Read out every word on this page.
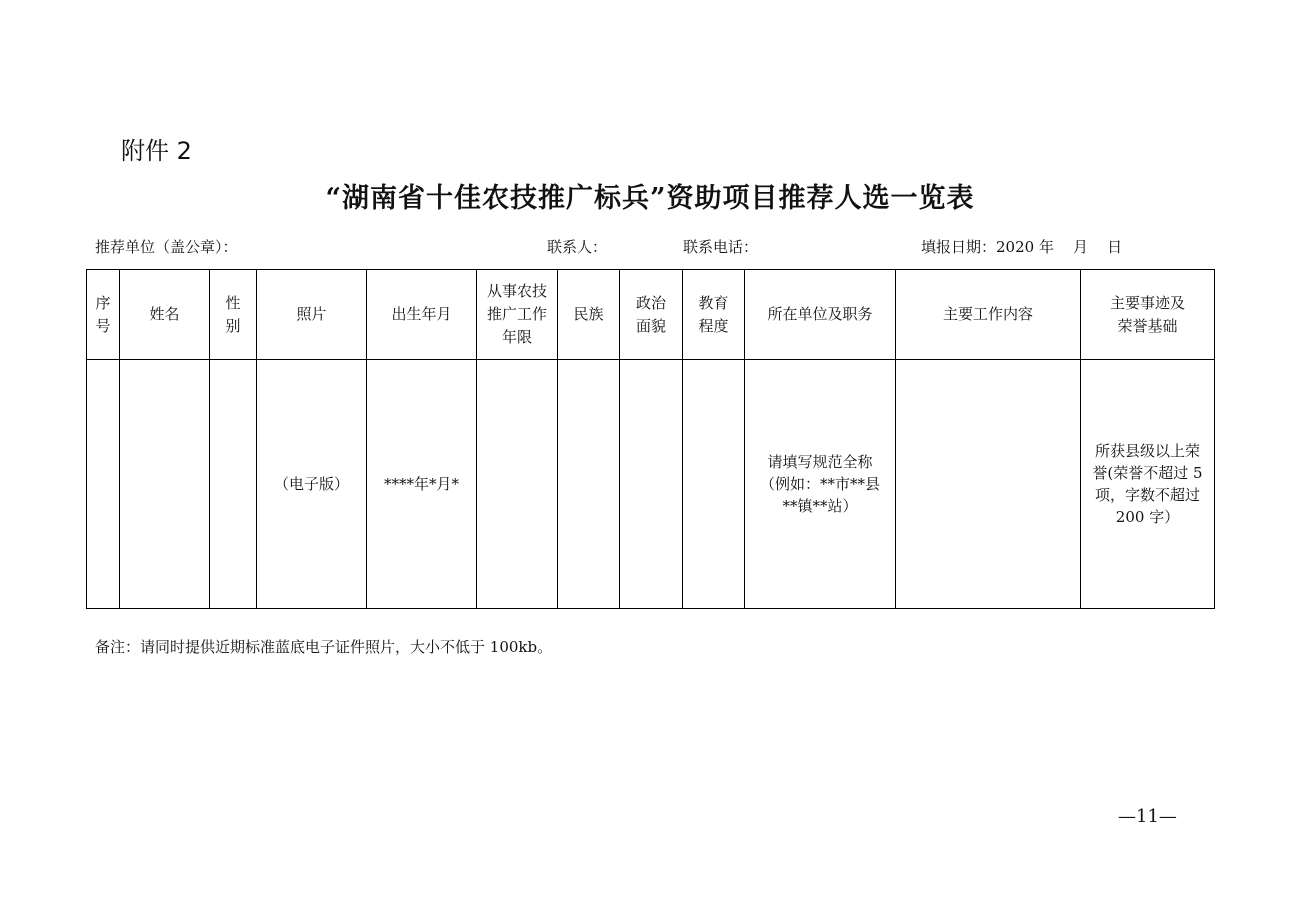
附件 2
“湖南省十佳农技推广标兵”资助项目推荐人选一览表
推荐单位（盖公章）：	联系人：	联系电话：	填报日期：2020 年    月    日
序
号	姓名	性
别	照片	出生年月	从事农技
推广工作
年限	民族	政治
面貌	教育
程度	所在单位及职务	主要工作内容	主要事迹及
荣誉基础
			（电子版）	****年*月*					请填写规范全称
（例如：**市**县
**镇**站）		所获县级以上荣
誉(荣誉不超过 5
项，字数不超过
200 字）
备注：请同时提供近期标准蓝底电子证件照片，大小不低于 100kb。
—11—
